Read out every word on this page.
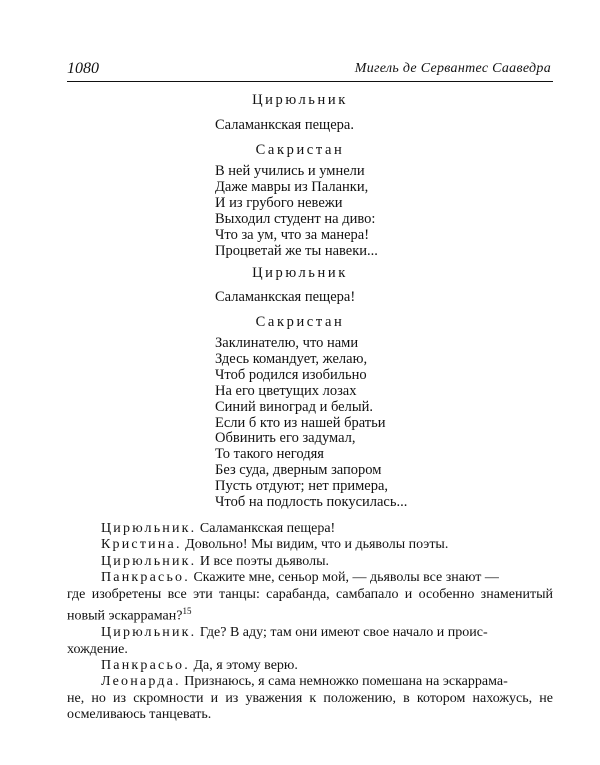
1080	Мигель де Сервантес Сааведра
Цирюльник
Саламанкская пещера.
Сакристан
В ней учились и умнели
Даже мавры из Паланки,
И из грубого невежи
Выходил студент на диво:
Что за ум, что за манера!
Процветай же ты навеки...
Цирюльник
Саламанкская пещера!
Сакристан
Заклинателю, что нами
Здесь командует, желаю,
Чтоб родился изобильно
На его цветущих лозах
Синий виноград и белый.
Если б кто из нашей братьи
Обвинить его задумал,
То такого негодяя
Без суда, дверным запором
Пусть отдуют; нет примера,
Чтоб на подлость покусилась...

Цирюльник. Саламанкская пещера!

Кристина. Довольно! Мы видим, что и дьяволы поэты.

Цирюльник. И все поэты дьяволы.

Панкрасьо. Скажите мне, сеньор мой, — дьяволы все знают —
где изобретены все эти танцы: сарабанда, самбапало и особенно знаменитый новый эскарраман?$^{15}$

Цирюльник. Где? В аду; там они имеют свое начало и проис-
хождение.

Панкрасьо. Да, я этому верю.

Леонарда. Признаюсь, я сама немножко помешана на эскаррама-
не, но из скромности и из уважения к положению, в котором нахожусь, не осмеливаюсь танцевать.
